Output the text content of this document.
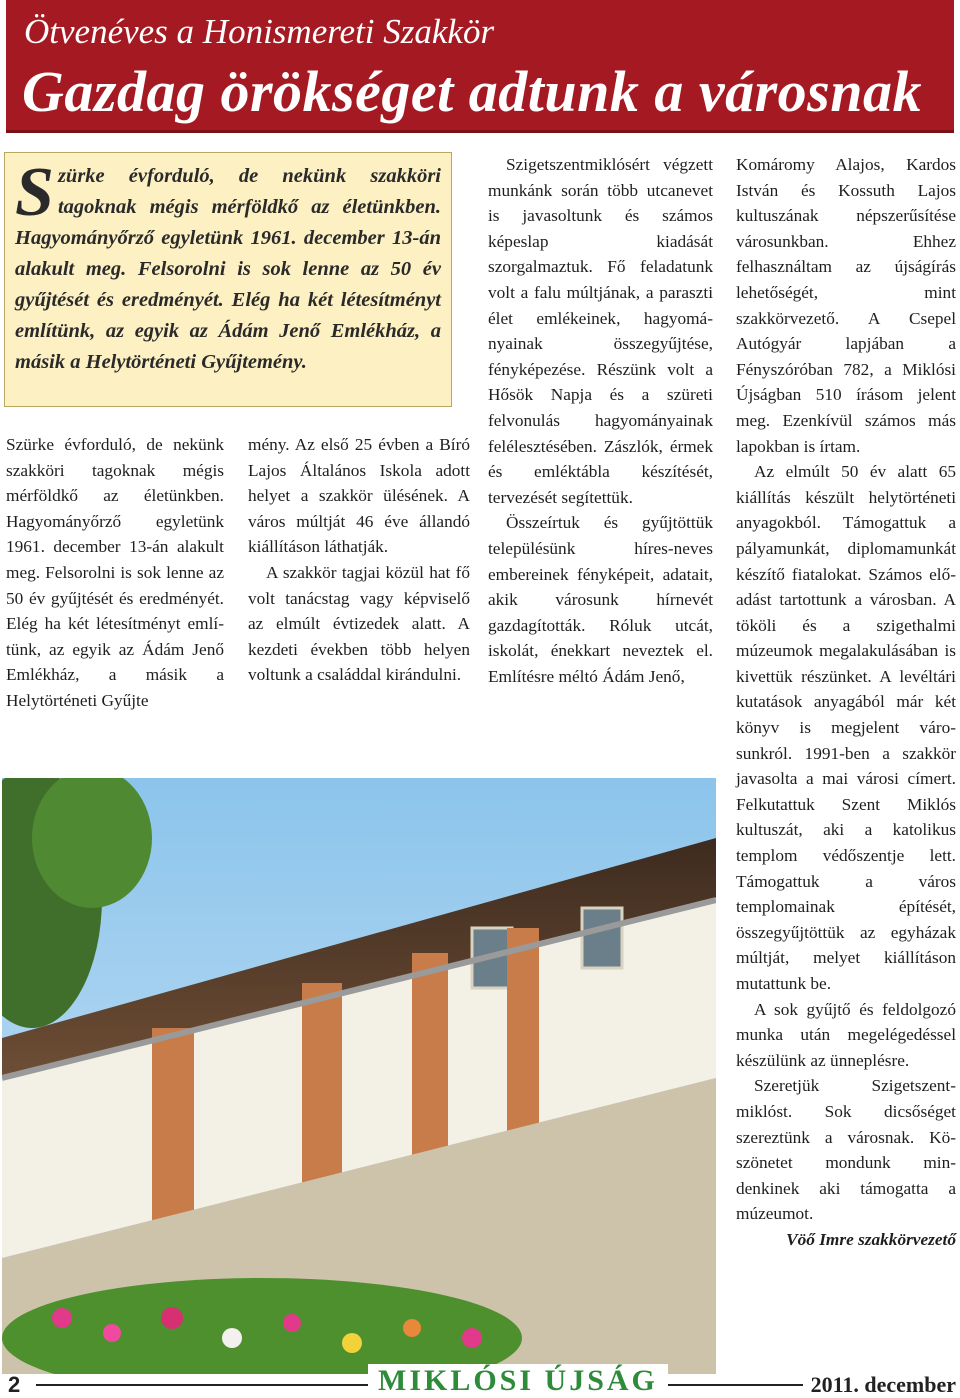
Ötvenéves a Honismereti Szakkör
Gazdag örökséget adtunk a városnak
Szürke évforduló, de nekünk szakköri tagoknak mégis mérföldkő az életünkben. Hagyományőrző egyletünk 1961. december 13-án alakult meg. Felsorolni is sok lenne az 50 év gyűjtését és eredményét. Elég ha két létesítményt említünk, az egyik az Ádám Jenő Emlékház, a másik a Helytörténeti Gyűjtemény.

Szürke évforduló, de nekünk szakköri tagoknak mégis mérföldkő az életünkben. Hagyományőrző egyletünk 1961. december 13-án alakult meg. Felsorolni is sok lenne az 50 év gyűjtését és eredményét. Elég ha két létesítményt említünk, az egyik az Ádám Jenő Emlékház, a másik a Helytörténeti Gyűjte

mény. Az első 25 évben a Bíró Lajos Általános Iskola adott helyet a szakkör ülésének. A város múltját 46 éve állandó kiállításon láthatják.

A szakkör tagjai közül hat fő volt tanácstag vagy képviselő az elmúlt évtizedek alatt. A kezdeti években több helyen voltunk a családdal kirándulni.

Szigetszentmiklósért végzett munkánk során több utcanevet is javasoltunk és számos képeslap kiadását szorgalmaztuk. Fő feladatunk volt a falu múltjának, a paraszti élet emlékeinek, hagyományainak összegyűjtése, fényképezése. Részünk volt a Hősök Napja és a szüreti felvonulás hagyományainak felélesztésében. Zászlók, érmek és emléktábla készítését, tervezését segítettük.

Összeírtuk és gyűjtöttük településünk híres-neves embereinek fényképeit, adatait, akik városunk hírnevét gazdagították. Róluk utcát, iskolát, énekkart neveztek el. Említésre méltó Ádám Jenő,

Komáromy Alajos, Kardos István és Kossuth Lajos kultuszának népszerűsítése városunkban. Ehhez felhasználtam az újságírás lehetőségét, mint szakkörvezető. A Csepel Autógyár lapjában a Fényszóróban 782, a Miklósi Újságban 510 írásom jelent meg. Ezenkívül számos más lapokban is írtam.

Az elmúlt 50 év alatt 65 kiállítás készült helytörténeti anyagokból. Támogattuk a pályamunkát, diplomamunkát készítő fiatalokat. Számos előadást tartottunk a városban. A tököli és a szigethalmi múzeumok megalakulásában is kivettük részünket. A levéltári kutatások anyagából már két könyv is megjelent városunkról. 1991-ben a szakkör javasolta a mai városi címert. Felkutattuk Szent Miklós kultuszát, aki a katolikus templom védőszentje lett. Támogattuk a város templomainak építését, összegyűjtöttük az egyházak múltját, melyet kiállításon mutattunk be.

A sok gyűjtő és feldolgozó munka után megelégedéssel készülünk az ünneplésre.

Szeretjük Szigetszentmiklóst. Sok dicsőséget szereztünk a városnak. Köszönetet mondunk mindenkinek aki támogatta a múzeumot.

Vöő Imre szakkörvezető
2	MIKLÓSI ÚJSÁG	2011. december
